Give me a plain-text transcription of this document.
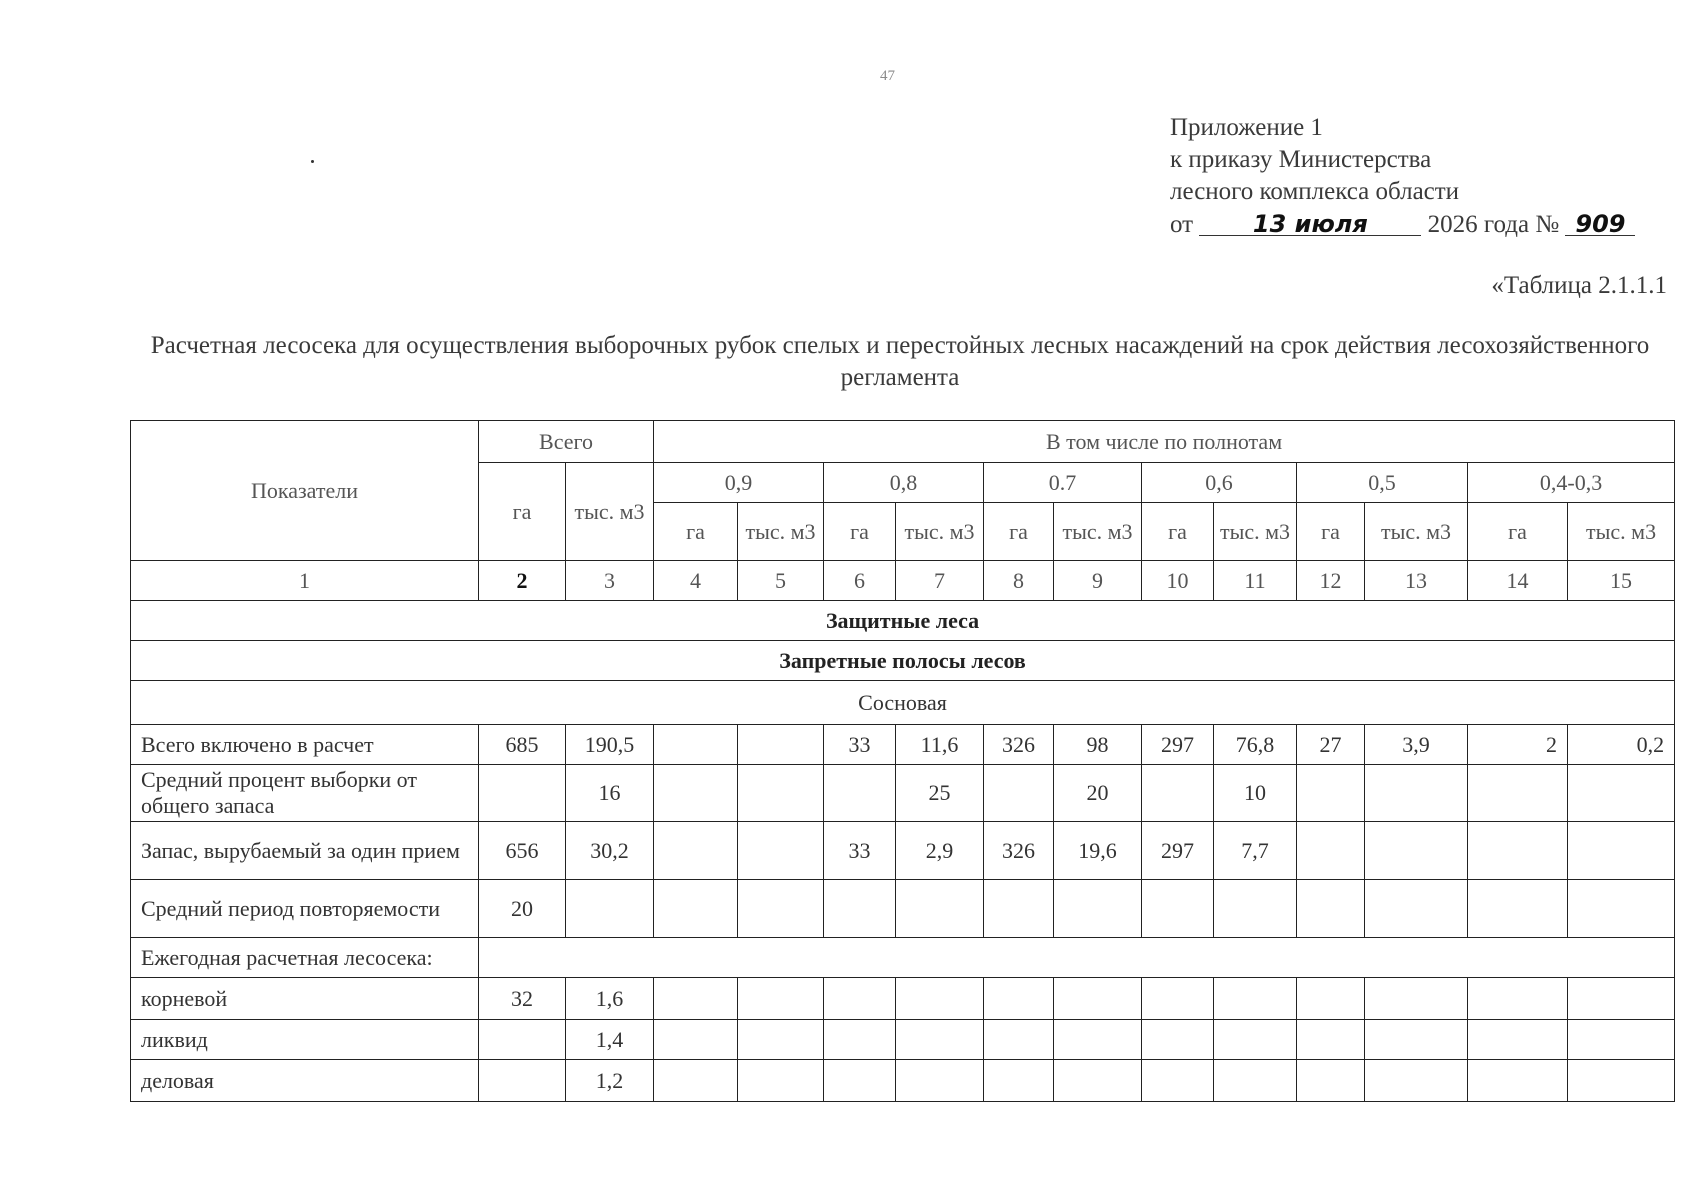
47
Приложение 1
к приказу Министерства
лесного комплекса области
от 13 июля 2026 года № 909
«Таблица 2.1.1.1
Расчетная лесосека для осуществления выборочных рубок спелых и перестойных лесных насаждений на срок действия лесохозяйственного регламента
Показатели	Всего		В том числе по полнотам											
	га	тыс. м3	0,9		0,8		0.7		0,6		0,5		0,4-0,3	
			га	тыс. м3	га	тыс. м3	га	тыс. м3	га	тыс. м3	га	тыс. м3	га	тыс. м3
1	2	3	4	5	6	7	8	9	10	11	12	13	14	15
Защитные леса														
Запретные полосы лесов														
Сосновая														
Всего включено в расчет	685	190,5			33	11,6	326	98	297	76,8	27	3,9	2	0,2
Средний процент выборки от общего запаса		16				25		20		10				
Запас, вырубаемый за один прием	656	30,2			33	2,9	326	19,6	297	7,7				
Средний период повторяемости	20													
Ежегодная расчетная лесосека:														
корневой	32	1,6												
ликвид		1,4												
деловая		1,2												
